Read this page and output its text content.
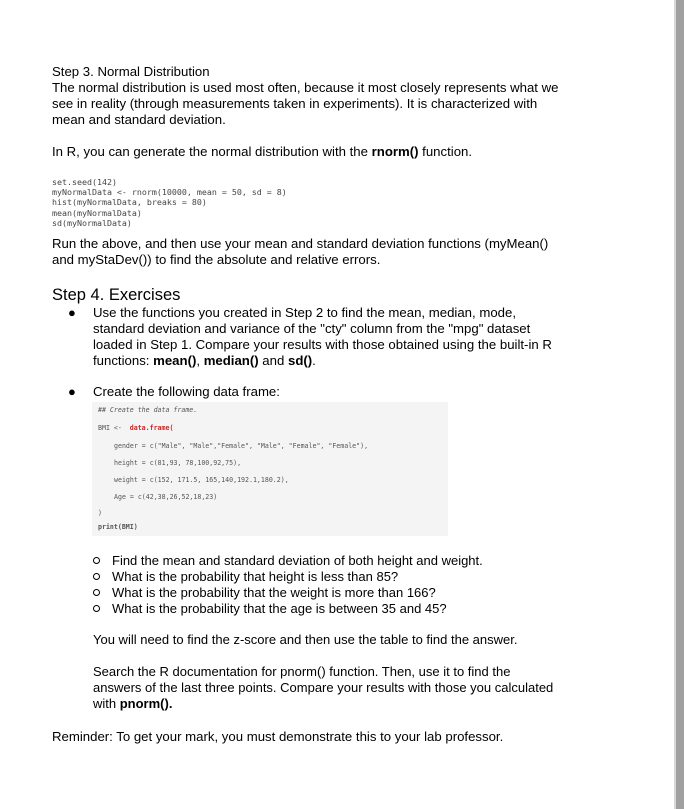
Step 3. Normal Distribution
The normal distribution is used most often, because it most closely represents what we
see in reality (through measurements taken in experiments). It is characterized with
mean and standard deviation.
In R, you can generate the normal distribution with the rnorm() function.
set.seed(142)
myNormalData <- rnorm(10000, mean = 50, sd = 8)
hist(myNormalData, breaks = 80)
mean(myNormalData)
sd(myNormalData)
Run the above, and then use your mean and standard deviation functions (myMean()
and myStaDev()) to find the absolute and relative errors.
Step 4. Exercises
● Use the functions you created in Step 2 to find the mean, median, mode,
standard deviation and variance of the "cty" column from the "mpg" dataset
loaded in Step 1. Compare your results with those obtained using the built-in R
functions: mean(), median() and sd().
● Create the following data frame:
## Create the data frame.
BMI <-  data.frame(
gender = c("Male", "Male","Female", "Male", "Female", "Female"),
height = c(81,93, 78,100,92,75),
weight = c(152, 171.5, 165,140,192.1,180.2),
Age = c(42,38,26,52,18,23)
)
print(BMI)
Find the mean and standard deviation of both height and weight.
What is the probability that height is less than 85?
What is the probability that the weight is more than 166?
What is the probability that the age is between 35 and 45?
You will need to find the z-score and then use the table to find the answer.
Search the R documentation for pnorm() function. Then, use it to find the
answers of the last three points. Compare your results with those you calculated
with pnorm().
Reminder: To get your mark, you must demonstrate this to your lab professor.
